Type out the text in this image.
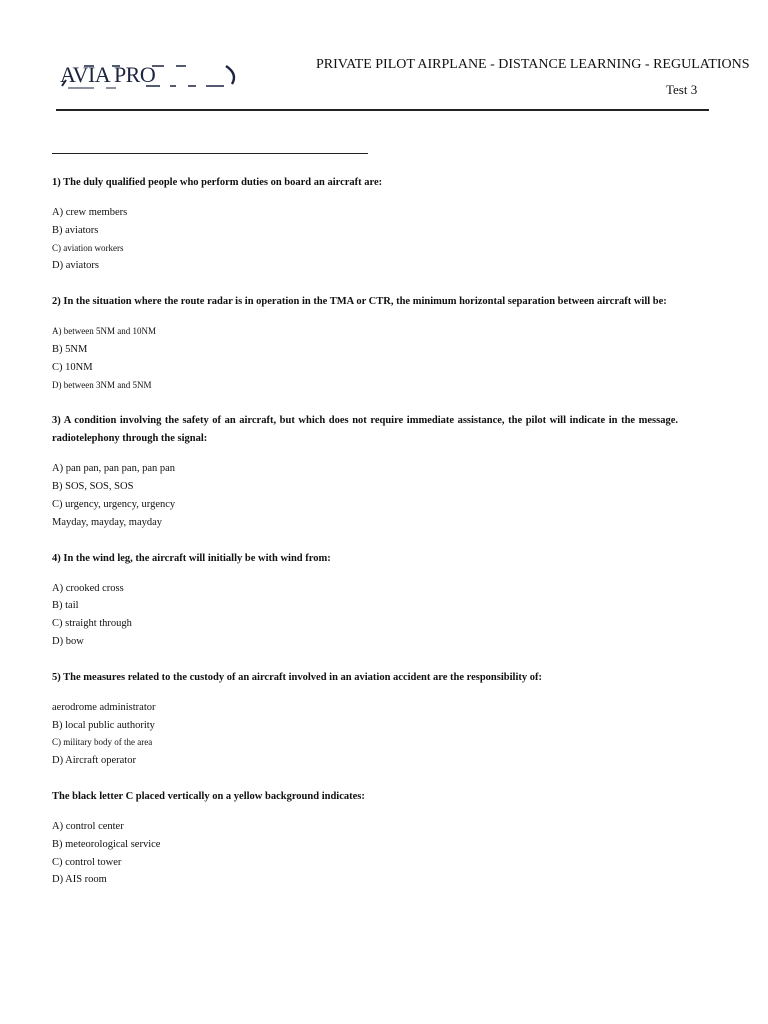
AVIA PRO	PRIVATE PILOT AIRPLANE - DISTANCE LEARNING - REGULATIONS
Test 3

1) The duly qualified people who perform duties on board an aircraft are:

A) crew members
B) aviators
C) aviation workers
D) aviators

2) In the situation where the route radar is in operation in the TMA or CTR, the minimum horizontal separation between aircraft will be:

A) between 5NM and 10NM
B) 5NM
C) 10NM
D) between 3NM and 5NM

3) A condition involving the safety of an aircraft, but which does not require immediate assistance, the pilot will indicate in the message. radiotelephony through the signal:

A) pan pan, pan pan, pan pan
B) SOS, SOS, SOS
C) urgency, urgency, urgency
Mayday, mayday, mayday

4) In the wind leg, the aircraft will initially be with wind from:

A) crooked cross
B) tail
C) straight through
D) bow

5) The measures related to the custody of an aircraft involved in an aviation accident are the responsibility of:

aerodrome administrator
B) local public authority
C) military body of the area
D) Aircraft operator

The black letter C placed vertically on a yellow background indicates:

A) control center
B) meteorological service
C) control tower
D) AIS room
